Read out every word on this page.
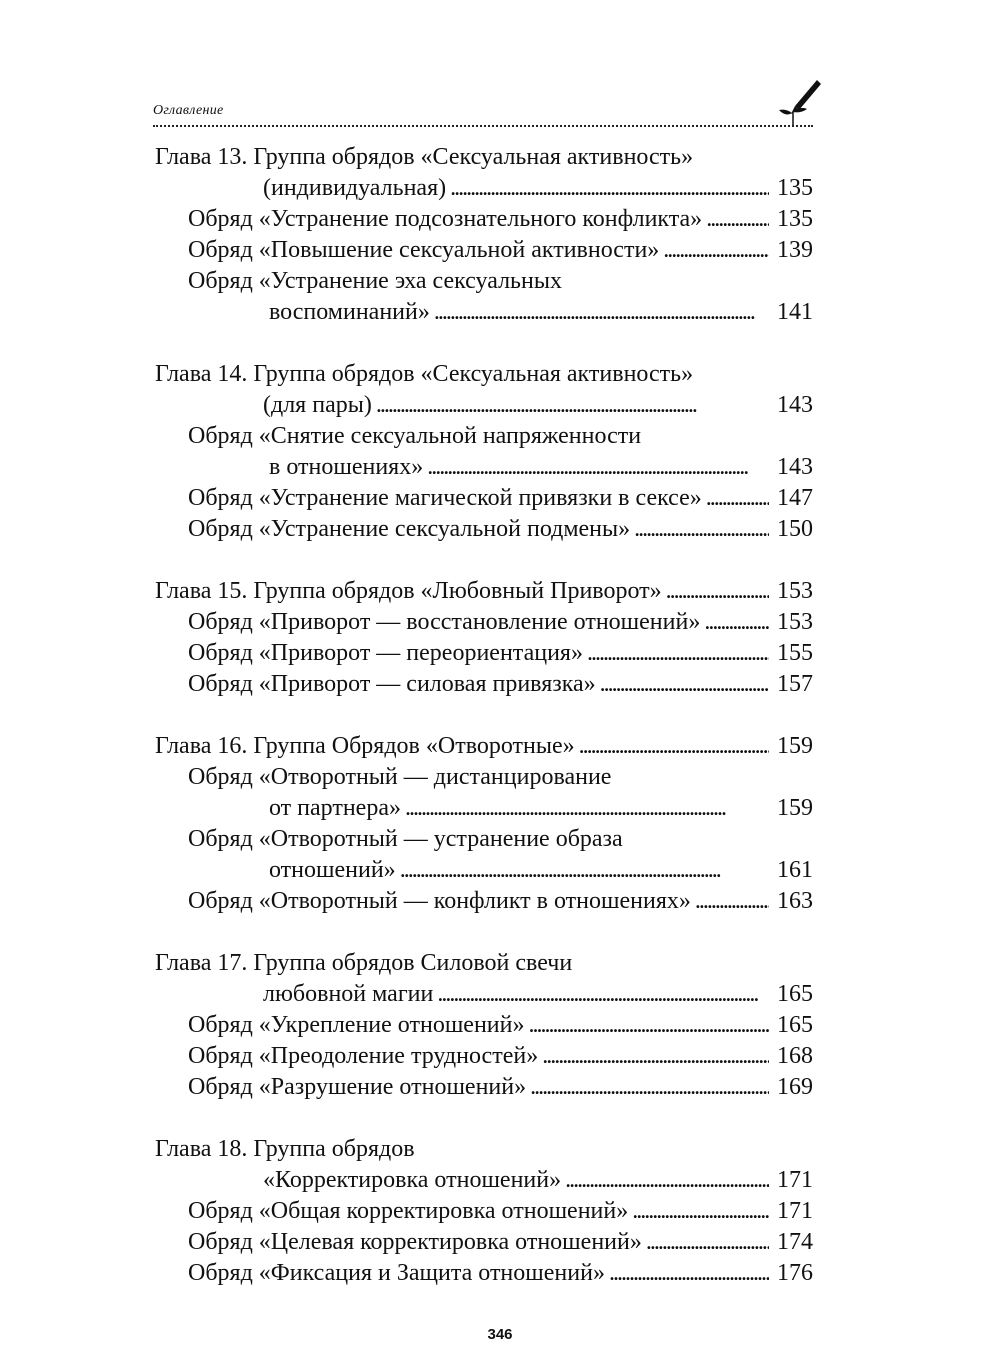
Оглавление
Глава 13. Группа обрядов «Сексуальная активность»
(индивидуальная) . . .	135
Обряд «Устранение подсознательного конфликта» . . .	135
Обряд «Повышение сексуальной активности» . . .	139
Обряд «Устранение эха сексуальных
воспоминаний» . . .	141
Глава 14. Группа обрядов «Сексуальная активность»
(для пары) . . .	143
Обряд «Снятие сексуальной напряженности
в отношениях» . . .	143
Обряд «Устранение магической привязки в сексе» . . .	147
Обряд «Устранение сексуальной подмены» . . .	150
Глава 15. Группа обрядов «Любовный Приворот» . . .	153
Обряд «Приворот — восстановление отношений» . . .	153
Обряд «Приворот — переориентация» . . .	155
Обряд «Приворот — силовая привязка» . . .	157
Глава 16. Группа Обрядов «Отворотные» . . .	159
Обряд «Отворотный — дистанцирование
от партнера» . . .	159
Обряд «Отворотный — устранение образа
отношений» . . .	161
Обряд «Отворотный — конфликт в отношениях» . . .	163
Глава 17. Группа обрядов Силовой свечи
любовной магии . . .	165
Обряд «Укрепление отношений» . . .	165
Обряд «Преодоление трудностей» . . .	168
Обряд «Разрушение отношений» . . .	169
Глава 18. Группа обрядов
«Корректировка отношений» . . .	171
Обряд «Общая корректировка отношений» . . .	171
Обряд «Целевая корректировка отношений» . . .	174
Обряд «Фиксация и Защита отношений» . . .	176
346
